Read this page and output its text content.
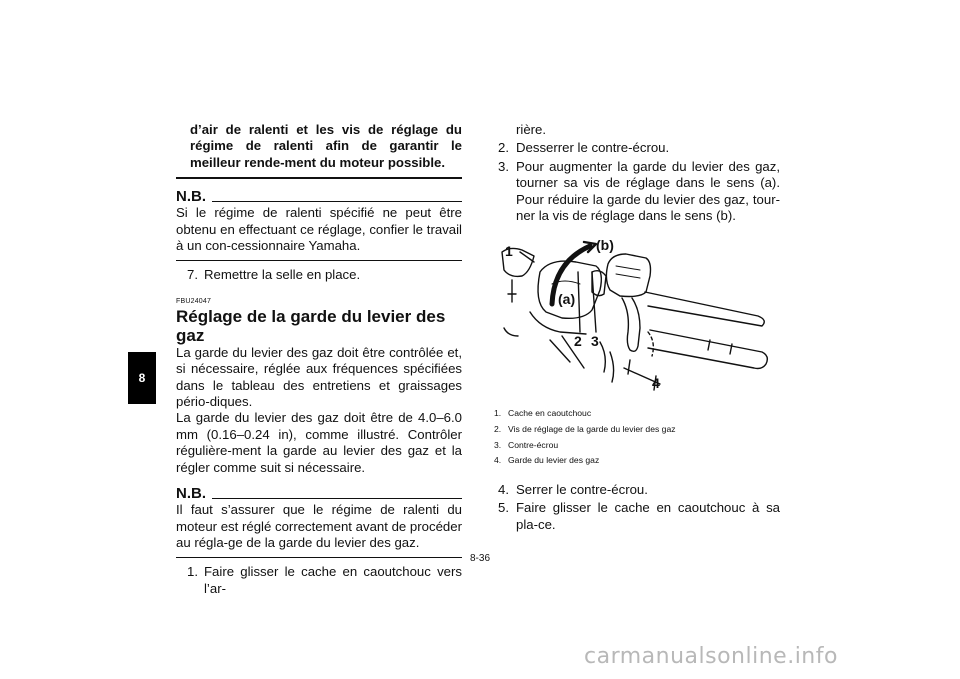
8

d’air de ralenti et les vis de réglage du régime de ralenti afin de garantir le meilleur rende-ment du moteur possible.

N.B.

Si le régime de ralenti spécifié ne peut être obtenu en effectuant ce réglage, confier le travail à un con-cessionnaire Yamaha.

7. Remettre la selle en place.
FBU24047
Réglage de la garde du levier des gaz

La garde du levier des gaz doit être contrôlée et, si nécessaire, réglée aux fréquences spécifiées dans le tableau des entretiens et graissages pério-diques.

La garde du levier des gaz doit être de 4.0–6.0 mm (0.16–0.24 in), comme illustré. Contrôler régulière-ment la garde au levier des gaz et la régler comme suit si nécessaire.

N.B.

Il faut s’assurer que le régime de ralenti du moteur est réglé correctement avant de procéder au régla-ge de la garde du levier des gaz.

1. Faire glisser le cache en caoutchouc vers l’ar-
rière.
2. Desserrer le contre-écrou.
3. Pour augmenter la garde du levier des gaz, tourner sa vis de réglage dans le sens (a). Pour réduire la garde du levier des gaz, tour-ner la vis de réglage dans le sens (b).
1
2 3
4
(a)
(b)
1. Cache en caoutchouc
2. Vis de réglage de la garde du levier des gaz
3. Contre-écrou
4. Garde du levier des gaz
4. Serrer le contre-écrou.
5. Faire glisser le cache en caoutchouc à sa pla-ce.
8-36
carmanualsonline.info
